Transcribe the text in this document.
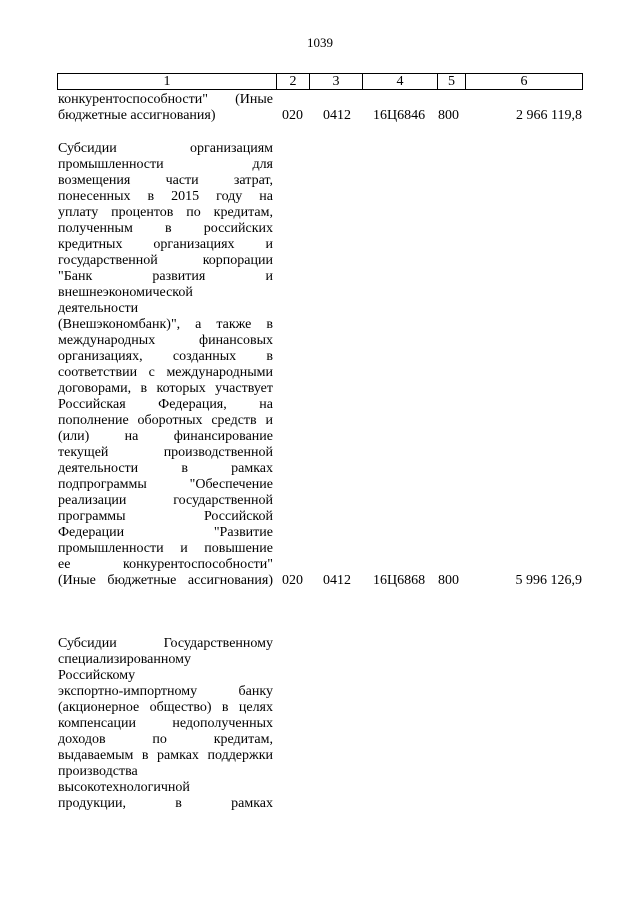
1039
1	2	3	4	5	6
конкурентоспособности" (Иные
бюджетные ассигнования)	020 0412 16Ц6846 800	2 966 119,8
Субсидии организациям
промышленности для
возмещения части затрат,
понесенных в 2015 году на
уплату процентов по кредитам,
полученным в российских
кредитных организациях и
государственной корпорации
"Банк развития и
внешнеэкономической
деятельности
(Внешэкономбанк)", а также в
международных финансовых
организациях, созданных в
соответствии с международными
договорами, в которых участвует
Российская Федерация, на
пополнение оборотных средств и
(или) на финансирование
текущей производственной
деятельности в рамках
подпрограммы "Обеспечение
реализации государственной
программы Российской
Федерации "Развитие
промышленности и повышение
ее конкурентоспособности"
(Иные бюджетные ассигнования) 020 0412 16Ц6868 800	5 996 126,9
Субсидии Государственному
специализированному
Российскому
экспортно-импортному банку
(акционерное общество) в целях
компенсации недополученных
доходов по кредитам,
выдаваемым в рамках поддержки
производства
высокотехнологичной
продукции, в рамках
